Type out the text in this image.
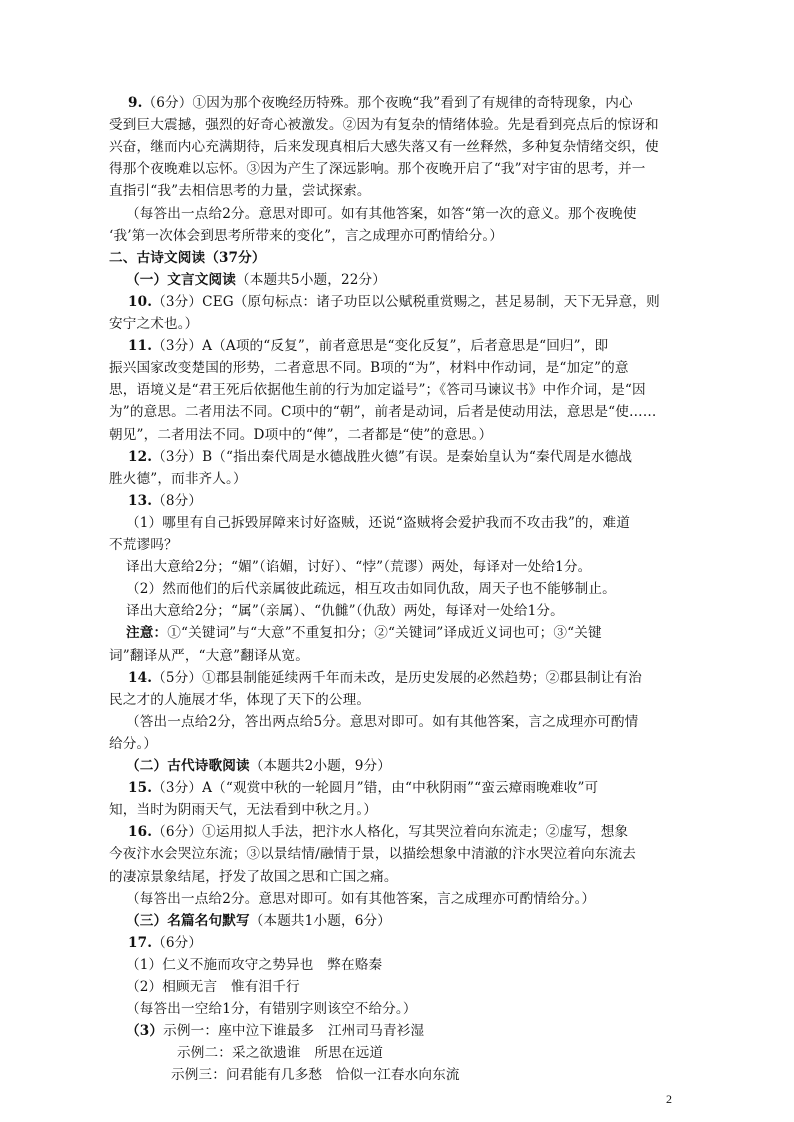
9.（6分）①因为那个夜晚经历特殊。那个夜晚“我”看到了有规律的奇特现象，内心
受到巨大震撼，强烈的好奇心被激发。②因为有复杂的情绪体验。先是看到亮点后的惊讶和
兴奋，继而内心充满期待，后来发现真相后大感失落又有一丝释然，多种复杂情绪交织，使
得那个夜晚难以忘怀。③因为产生了深远影响。那个夜晚开启了“我”对宇宙的思考，并一
直指引“我”去相信思考的力量，尝试探索。
（每答出一点给2分。意思对即可。如有其他答案，如答“第一次的意义。那个夜晚使
‘我’第一次体会到思考所带来的变化”，言之成理亦可酌情给分。）
二、古诗文阅读（37分）
（一）文言文阅读（本题共5小题，22分）
10.（3分）CEG（原句标点：诸子功臣以公赋税重赏赐之，甚足易制，天下无异意，则
安宁之术也。）
11.（3分）A（A项的“反复”，前者意思是“变化反复”，后者意思是“回归”，即
振兴国家改变楚国的形势，二者意思不同。B项的“为”，材料中作动词，是“加定”的意
思，语境义是“君王死后依据他生前的行为加定谥号”；《答司马谏议书》中作介词，是“因
为”的意思。二者用法不同。C项中的“朝”，前者是动词，后者是使动用法，意思是“使……
朝见”，二者用法不同。D项中的“俾”，二者都是“使”的意思。）
12.（3分）B（“指出秦代周是水德战胜火德”有误。是秦始皇认为“秦代周是水德战
胜火德”，而非齐人。）
13.（8分）
（1）哪里有自己拆毁屏障来讨好盗贼，还说“盗贼将会爱护我而不攻击我”的，难道
不荒谬吗？
译出大意给2分；“媚”（谄媚，讨好）、“悖”（荒谬）两处，每译对一处给1分。
（2）然而他们的后代亲属彼此疏远，相互攻击如同仇敌，周天子也不能够制止。
译出大意给2分；“属”（亲属）、“仇雠”（仇敌）两处，每译对一处给1分。
注意：①“关键词”与“大意”不重复扣分；②“关键词”译成近义词也可；③“关键
词”翻译从严，“大意”翻译从宽。
14.（5分）①郡县制能延续两千年而未改，是历史发展的必然趋势；②郡县制让有治
民之才的人施展才华，体现了天下的公理。
（答出一点给2分，答出两点给5分。意思对即可。如有其他答案，言之成理亦可酌情
给分。）
（二）古代诗歌阅读（本题共2小题，9分）
15.（3分）A（“观赏中秋的一轮圆月”错，由“中秋阴雨”“蛮云瘴雨晚难收”可
知，当时为阴雨天气，无法看到中秋之月。）
16.（6分）①运用拟人手法，把汴水人格化，写其哭泣着向东流走；②虚写，想象
今夜汴水会哭泣东流；③以景结情/融情于景，以描绘想象中清澈的汴水哭泣着向东流去
的凄凉景象结尾，抒发了故国之思和亡国之痛。
（每答出一点给2分。意思对即可。如有其他答案，言之成理亦可酌情给分。）
（三）名篇名句默写（本题共1小题，6分）
17.（6分）
（1）仁义不施而攻守之势异也　弊在赂秦
（2）相顾无言　惟有泪千行
（每答出一空给1分，有错别字则该空不给分。）
（3）示例一：座中泣下谁最多　江州司马青衫湿
示例二：采之欲遗谁　所思在远道
示例三：问君能有几多愁　恰似一江春水向东流
2
